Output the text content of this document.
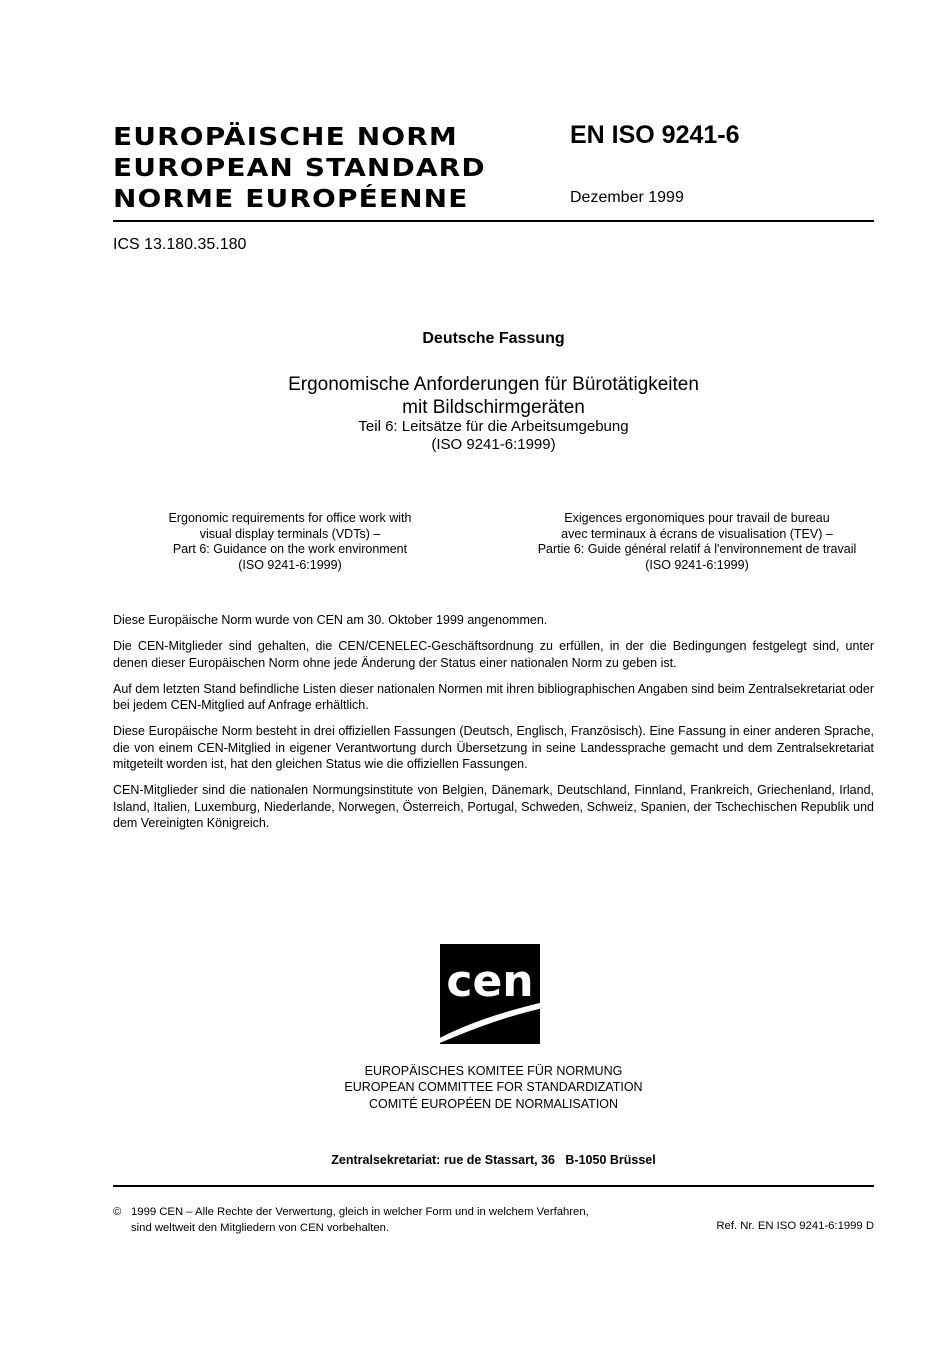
EUROPÄISCHE NORM
EUROPEAN STANDARD
NORME EUROPÉENNE
EN ISO 9241-6
Dezember 1999
ICS 13.180.35.180
Deutsche Fassung
Ergonomische Anforderungen für Bürotätigkeiten
mit Bildschirmgeräten
Teil 6: Leitsätze für die Arbeitsumgebung
(ISO 9241-6:1999)
Ergonomic requirements for office work with
visual display terminals (VDTs) –
Part 6: Guidance on the work environment
(ISO 9241-6:1999)
Exigences ergonomiques pour travail de bureau
avec terminaux à écrans de visualisation (TEV) –
Partie 6: Guide général relatif á l'environnement de travail
(ISO 9241-6:1999)

Diese Europäische Norm wurde von CEN am 30. Oktober 1999 angenommen.

Die CEN-Mitglieder sind gehalten, die CEN/CENELEC-Geschäftsordnung zu erfüllen, in der die Bedingungen festgelegt sind, unter denen dieser Europäischen Norm ohne jede Änderung der Status einer nationalen Norm zu geben ist.

Auf dem letzten Stand befindliche Listen dieser nationalen Normen mit ihren bibliographischen Angaben sind beim Zentralsekretariat oder bei jedem CEN-Mitglied auf Anfrage erhältlich.

Diese Europäische Norm besteht in drei offiziellen Fassungen (Deutsch, Englisch, Französisch). Eine Fassung in einer anderen Sprache, die von einem CEN-Mitglied in eigener Verantwortung durch Übersetzung in seine Landessprache gemacht und dem Zentralsekretariat mitgeteilt worden ist, hat den gleichen Status wie die offiziellen Fassungen.

CEN-Mitglieder sind die nationalen Normungsinstitute von Belgien, Dänemark, Deutschland, Finnland, Frankreich, Griechenland, Irland, Island, Italien, Luxemburg, Niederlande, Norwegen, Österreich, Portugal, Schweden, Schweiz, Spanien, der Tschechischen Republik und dem Vereinigten Königreich.

cen
EUROPÄISCHES KOMITEE FÜR NORMUNG
EUROPEAN COMMITTEE FOR STANDARDIZATION
COMITÉ EUROPÉEN DE NORMALISATION
Zentralsekretariat: rue de Stassart, 36   B-1050 Brüssel
© 1999 CEN – Alle Rechte der Verwertung, gleich in welcher Form und in welchem Verfahren,
sind weltweit den Mitgliedern von CEN vorbehalten.	Ref. Nr. EN ISO 9241-6:1999 D
